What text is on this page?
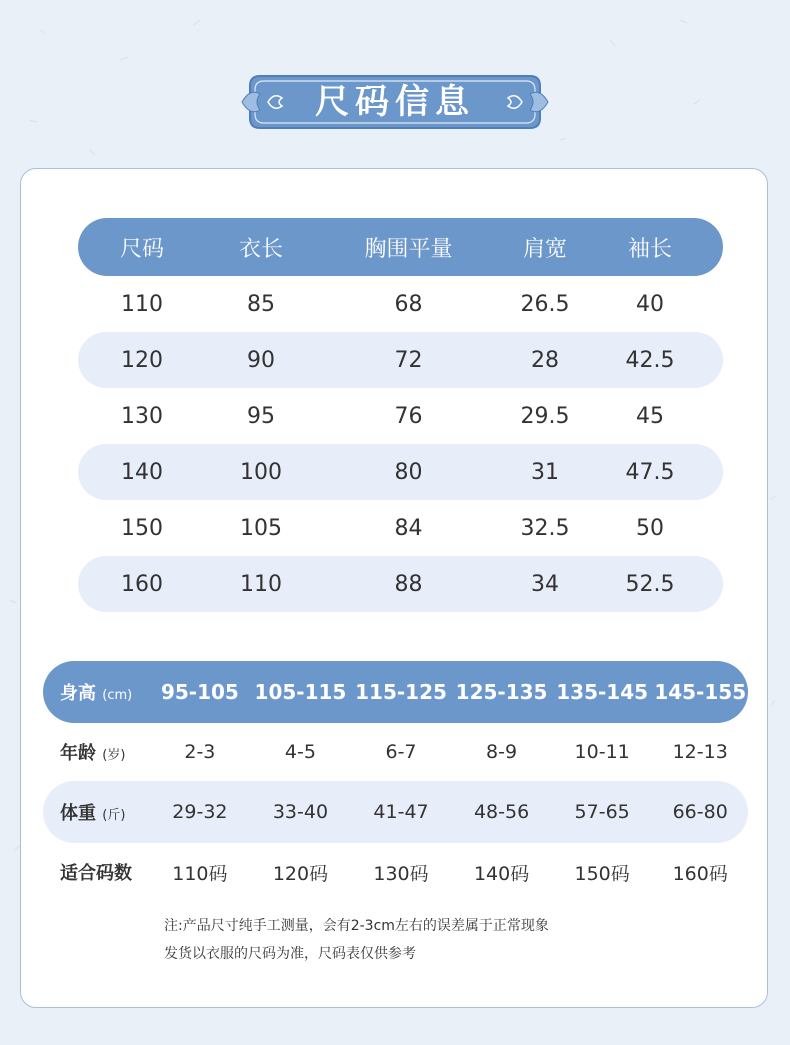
尺码信息
尺码	衣长	胸围平量	肩宽	袖长
110	85	68	26.5	40
120	90	72	28	42.5
130	95	76	29.5	45
140	100	80	31	47.5
150	105	84	32.5	50
160	110	88	34	52.5
身高 (cm)	95-105 105-115 115-125 125-135 135-145 145-155
年龄 (岁)	2-3	4-5	6-7	8-9	10-11	12-13
体重 (斤)	29-32	33-40	41-47	48-56	57-65	66-80
适合码数	110码	120码	130码	140码	150码	160码
注:产品尺寸纯手工测量，会有2-3cm左右的误差属于正常现象
发货以衣服的尺码为准，尺码表仅供参考
